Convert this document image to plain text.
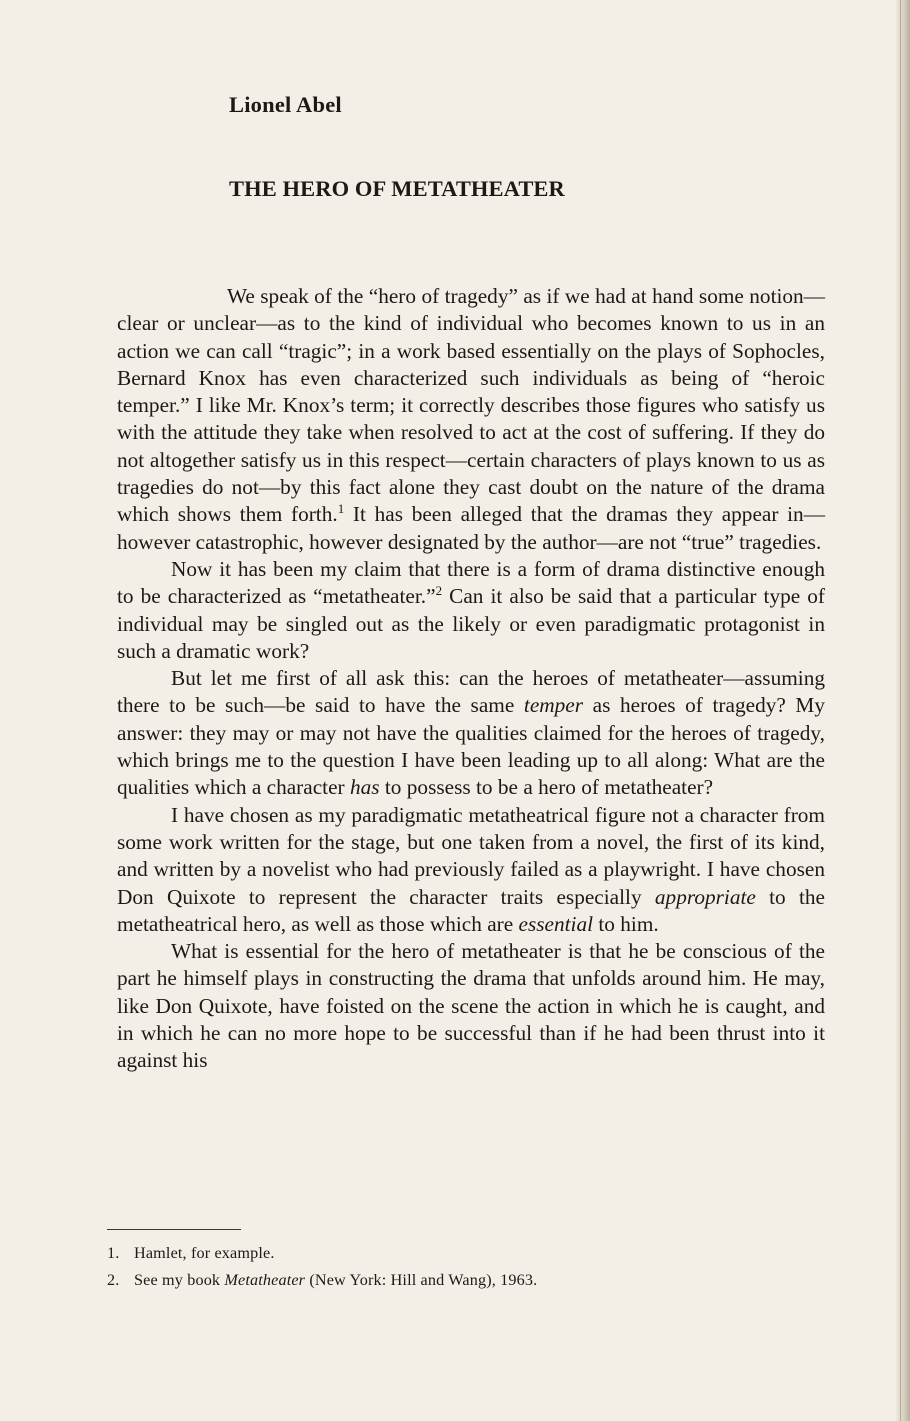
Lionel Abel
THE HERO OF METATHEATER

We speak of the “hero of tragedy” as if we had at hand some notion—clear or unclear—as to the kind of individual who becomes known to us in an action we can call “tragic”; in a work based essentially on the plays of Sophocles, Bernard Knox has even characterized such individuals as being of “heroic temper.” I like Mr. Knox’s term; it correctly describes those figures who satisfy us with the attitude they take when resolved to act at the cost of suffering. If they do not altogether satisfy us in this respect—certain characters of plays known to us as tragedies do not—by this fact alone they cast doubt on the nature of the drama which shows them forth.$^1$ It has been alleged that the dramas they appear in—however catastrophic, however designated by the author—are not “true” tragedies.

Now it has been my claim that there is a form of drama distinctive enough to be characterized as “metatheater.”$^2$ Can it also be said that a particular type of individual may be singled out as the likely or even paradigmatic protagonist in such a dramatic work?

But let me first of all ask this: can the heroes of metatheater—assuming there to be such—be said to have the same temper as heroes of tragedy? My answer: they may or may not have the qualities claimed for the heroes of tragedy, which brings me to the question I have been leading up to all along: What are the qualities which a character has to possess to be a hero of metatheater?

I have chosen as my paradigmatic metatheatrical figure not a character from some work written for the stage, but one taken from a novel, the first of its kind, and written by a novelist who had previously failed as a playwright. I have chosen Don Quixote to represent the character traits especially appropriate to the metatheatrical hero, as well as those which are essential to him.

What is essential for the hero of metatheater is that he be conscious of the part he himself plays in constructing the drama that unfolds around him. He may, like Don Quixote, have foisted on the scene the action in which he is caught, and in which he can no more hope to be successful than if he had been thrust into it against his

1. Hamlet, for example.
2. See my book Metatheater (New York: Hill and Wang), 1963.
